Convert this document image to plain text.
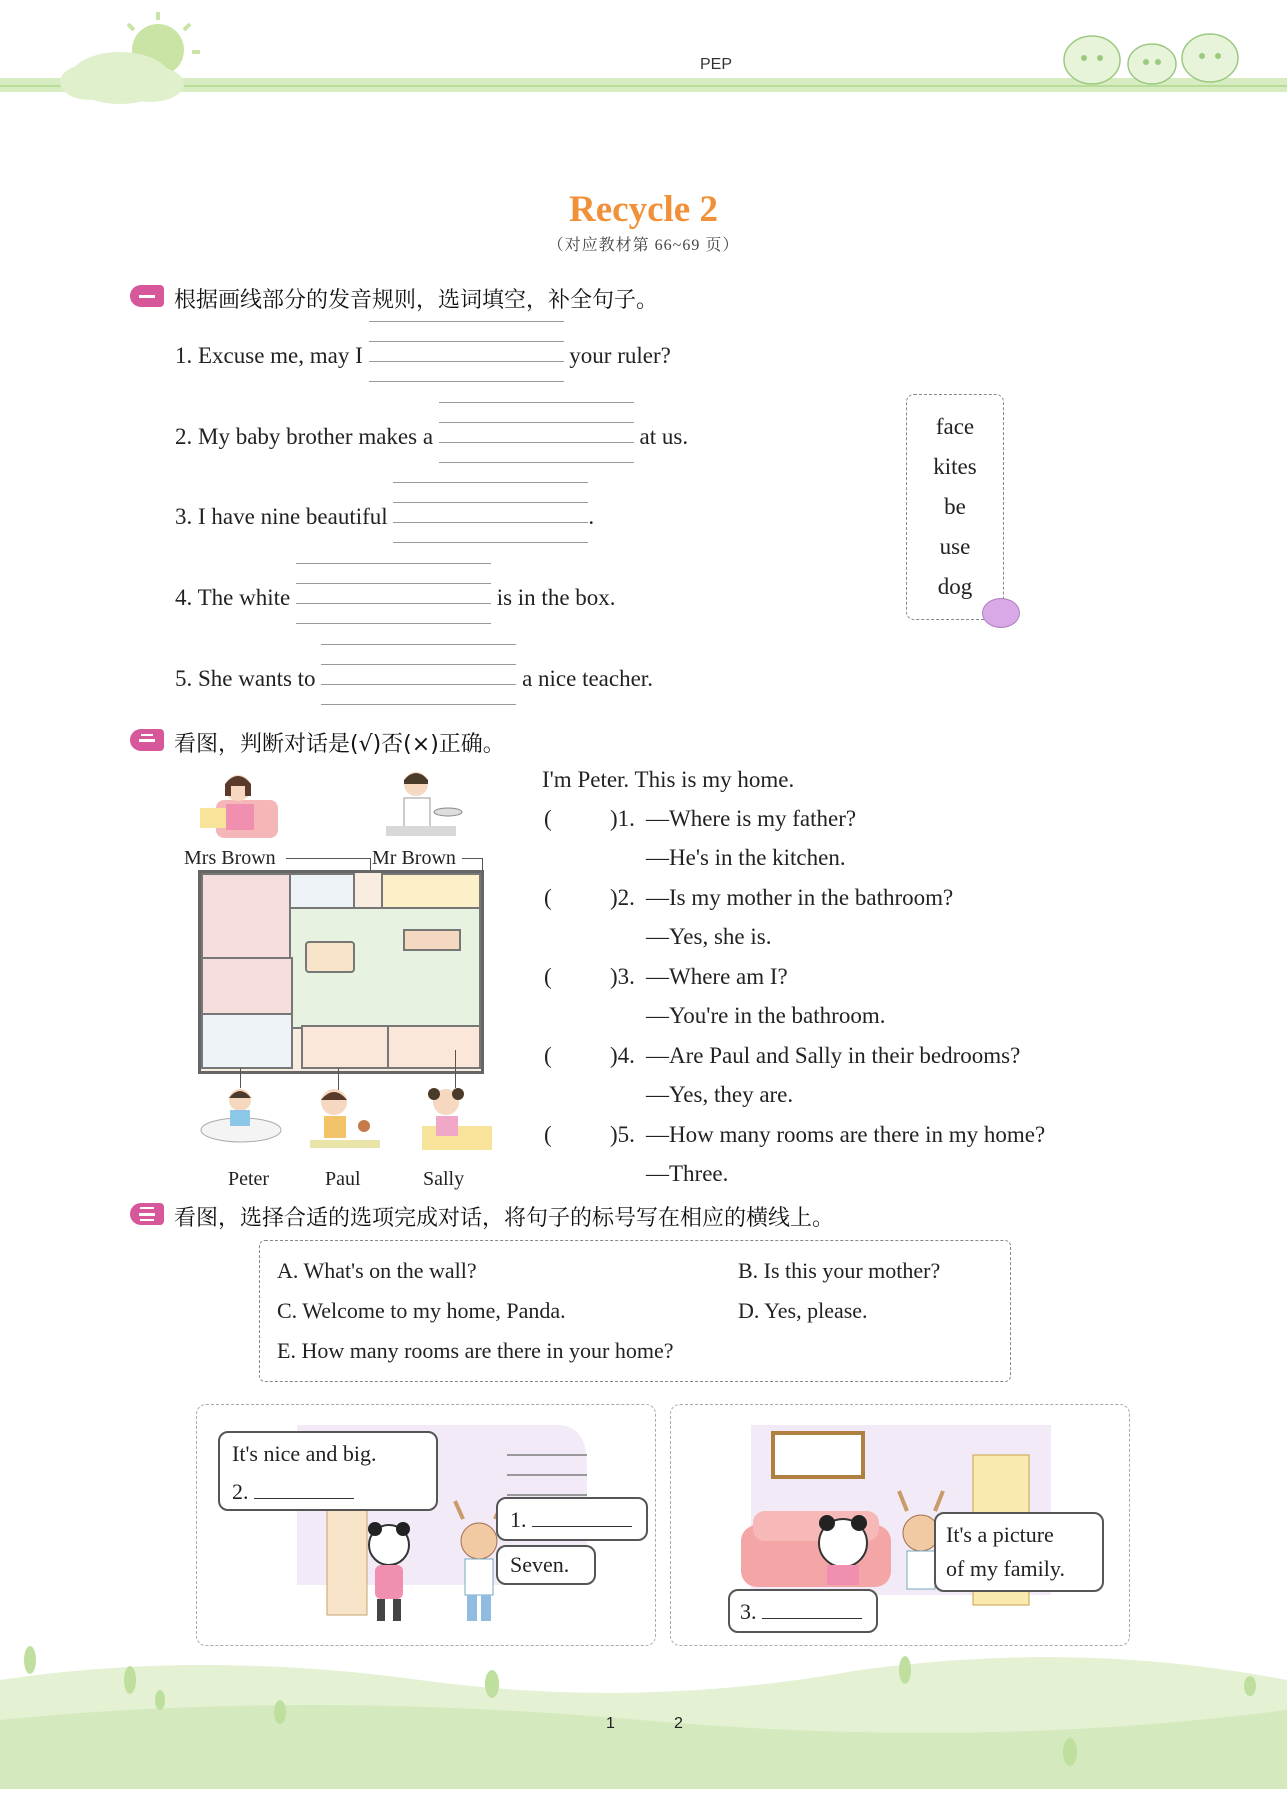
PEP
Recycle 2
（对应教材第 66~69 页）
根据画线部分的发音规则，选词填空，补全句子。
1. Excuse me, may I	your ruler?
2. My baby brother makes a	at us.
3. I have nine beautiful	.
4. The white	is in the box.
5. She wants to	a nice teacher.
face
kites
be
use
dog
看图，判断对话是(√)否(×)正确。
Mrs Brown	Mr Brown
Peter	Paul	Sally
I'm Peter. This is my home.
(	)1. —Where is my father?
—He's in the kitchen.
(	)2. —Is my mother in the bathroom?
—Yes, she is.
(	)3. —Where am I?
—You're in the bathroom.
(	)4. —Are Paul and Sally in their bedrooms?
—Yes, they are.
(	)5. —How many rooms are there in my home?
—Three.
看图，选择合适的选项完成对话，将句子的标号写在相应的横线上。
A. What's on the wall?	B. Is this your mother?
C. Welcome to my home, Panda.	D. Yes, please.
E. How many rooms are there in your home?
It's nice and big.
2.
1.
Seven.
It's a picture
of my family.
3.
1	2
